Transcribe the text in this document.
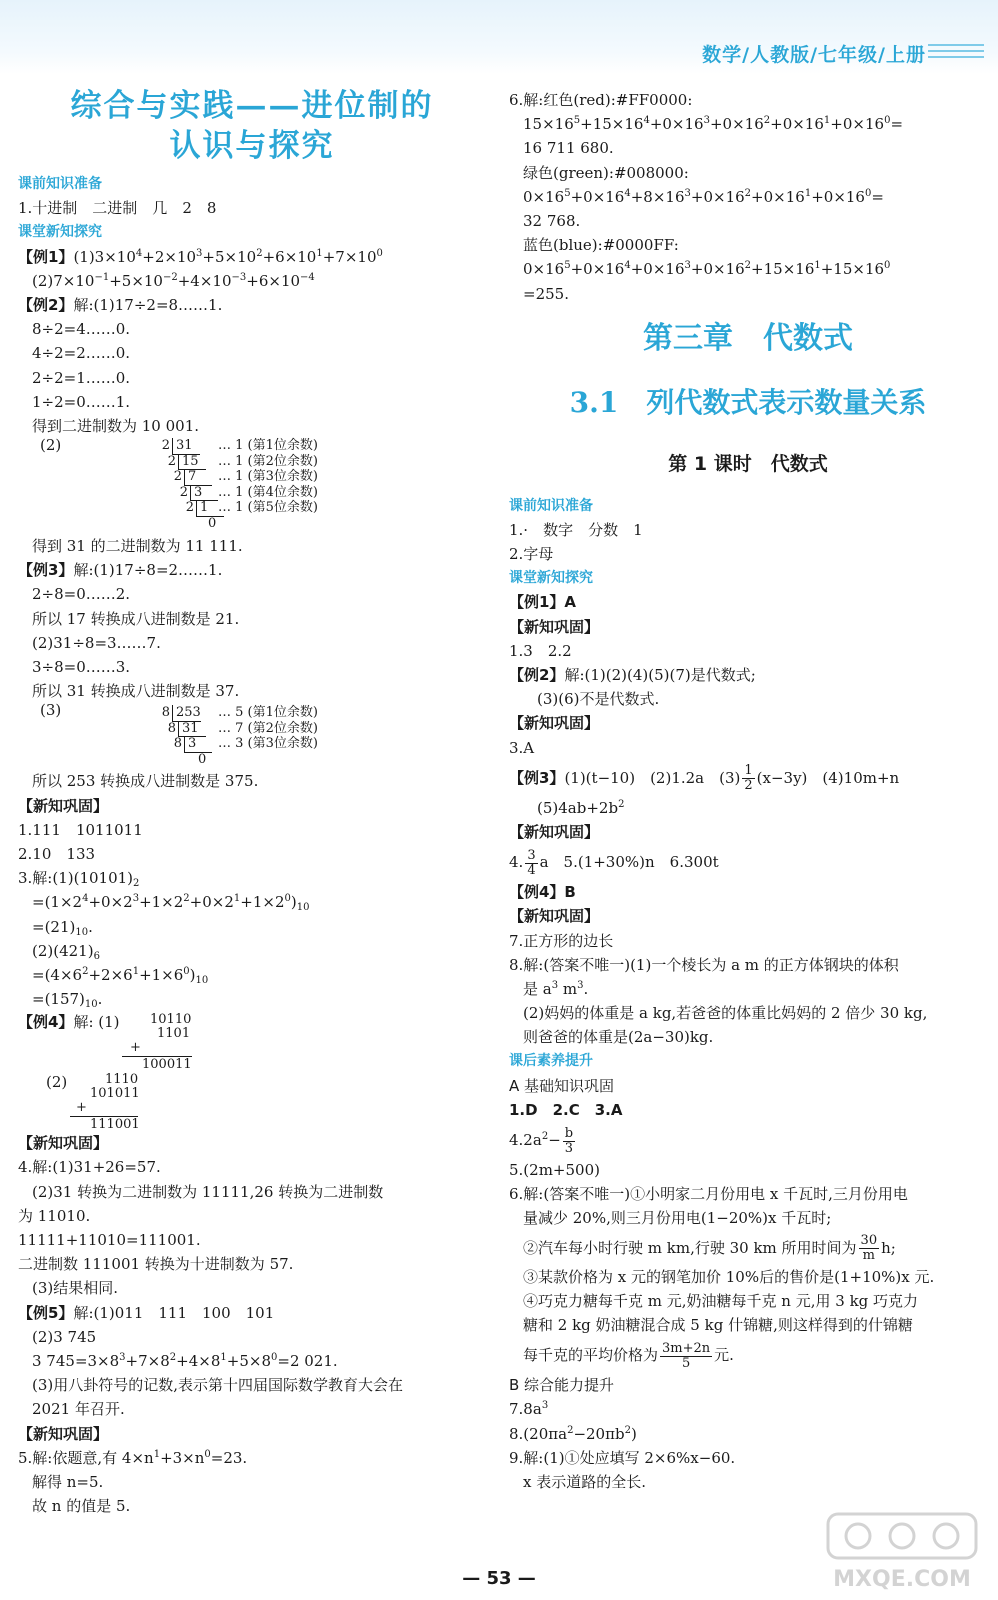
数学/人教版/七年级/上册
综合与实践——进位制的
认识与探究
课前知识准备
1.十进制　二进制　几　2　8
课堂新知探究
【例1】$(1)3\times 10^4+2\times 10^3+5\times 10^2+6\times 10^1+7\times 10^0$
$(2)7\times 10^{-1}+5\times 10^{-2}+4\times 10^{-3}+6\times 10^{-4}$
【例2】解:(1)17÷2=8……1.
8÷2=4……0.
4÷2=2……0.
2÷2=1……0.
1÷2=0……1.
得到二进制数为 10 001.
(2)	2 31	… 1 (第1位余数)
2 15	… 1 (第2位余数)
2 7	… 1 (第3位余数)
2 3	… 1 (第4位余数)
2 1 … 1 (第5位余数)
0
得到 31 的二进制数为 11 111.
【例3】解:(1)17÷8=2……1.
2÷8=0……2.
所以 17 转换成八进制数是 21.
(2)31÷8=3……7.
3÷8=0……3.
所以 31 转换成八进制数是 37.
(3)	8 253 … 5 (第1位余数)
8 31	… 7 (第2位余数)
8 3	… 3 (第3位余数)
0
所以 253 转换成八进制数是 375.
【新知巩固】
1.111　1011011
2.10　133
3.解$:(1)(10101)_2$
$=(1\times 2^4+0\times 2^3+1\times 2^2+0\times 2^1+1\times 2^0)_{10}$
$=(21)_{10}$.
$(2)(421)_6$
$=(4\times 6^2+2\times 6^1+1\times 6^0)_{10}$
$=(157)_{10}$.
【例4】解: (1) 10110
1101
+
100011
(2)	1110
101011
+
111001
【新知巩固】
4.解:(1)31+26=57.
(2)31 转换为二进制数为 11111,26 转换为二进制数
为 11010.
11111+11010=111001.
二进制数 111001 转换为十进制数为 57.
(3)结果相同.
【例5】解:(1)011　111　100　101
(2)3 745
3 $745=3\times 8^3+7\times 8^2+4\times 8^1+5\times 8^0=2$ 021.
(3)用八卦符号的记数,表示第十四届国际数学教育大会在
2021 年召开.
【新知巩固】
5.解:依题意,有 $4\times n^1+3\times n^0=23$.
解得 n=5.
故 n 的值是 5.
6.解:红色(red):#FF0000:
$15\times 16^5+15\times 16^4+0\times 16^3+0\times 16^2+0\times 16^1+0\times 16^0=$
16 711 680.
绿色(green):#008000:
$0\times 16^5+0\times 16^4+8\times 16^3+0\times 16^2+0\times 16^1+0\times 16^0=$
32 768.
蓝色(blue):#0000FF:
$0\times 16^5+0\times 16^4+0\times 16^3+0\times 16^2+15\times 16^1+15\times 16^0$
=255.
第三章　代数式
3.1　列代数式表示数量关系
第 1 课时　代数式
课前知识准备
1.·　数字　分数　1
2.字母
课堂新知探究
【例1】A
【新知巩固】
1.3　2.2
【例2】解:(1)(2)(4)(5)(7)是代数式;
(3)(6)不是代数式.
【新知巩固】
3.A
【例3】(1)(t−10)　(2)1.2a　$(3) \frac{1}{2} (x-3y)$　(4)10m+n
$(5)4ab+2b^2$
【新知巩固】
4. $\frac{3}{4}$ a　5.(1+30%)n　6.300t
【例4】B
【新知巩固】
7.正方形的边长
8.解:(答案不唯一)(1)一个棱长为 a m 的正方体钢块的体积
是 $a^3$ $m^3$.
(2)妈妈的体重是 a kg,若爸爸的体重比妈妈的 2 倍少 30 kg,
则爸爸的体重是(2a−30)kg.
课后素养提升
A 基础知识巩固
1.D　2.C　3.A
$4.2a^2- \frac{b}{3}$
5.(2m+500)
6.解:(答案不唯一)①小明家二月份用电 x 千瓦时,三月份用电
量减少 20%,则三月份用电(1−20%)x 千瓦时;
②汽车每小时行驶 m km,行驶 30 km 所用时间为 $\frac{30}{m} h$;
③某款价格为 x 元的钢笔加价 10%后的售价是(1+10%)x 元.
④巧克力糖每千克 m 元,奶油糖每千克 n 元,用 3 kg 巧克力
糖和 2 kg 奶油糖混合成 5 kg 什锦糖,则这样得到的什锦糖
每千克的平均价格为 $\frac{3m+2n}{5}$ 元.
B 综合能力提升
$7.8a^3$
$8.(20\pi a^2-20\pi b^2)$
9.解:(1)①处应填写 2×6%x−60.
x 表示道路的全长.
— 53 —	MXQE.COM
